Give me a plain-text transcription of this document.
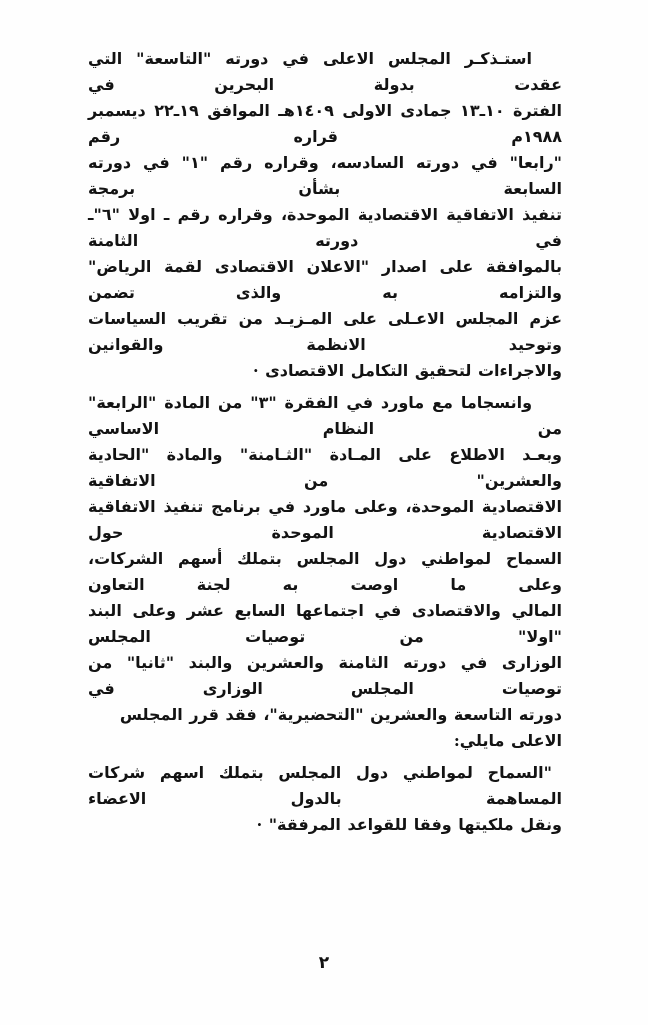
استـذكـر المجلس الاعلى في دورته "التاسعة" التي عقدت بدولة البحرين في
الفترة ١٠ـ١٣ جمادى الاولى ١٤٠٩هـ الموافق ١٩ـ٢٢ ديسمبر ١٩٨٨م قراره رقم
"رابعا" في دورته السادسه، وقراره رقم "١" في دورته السابعة بشأن برمجة
تنفيذ الاتفاقية الاقتصادية الموحدة، وقراره رقم ـ اولا "٦"ـ في دورته الثامنة
بالموافقة على اصدار "الاعلان الاقتصادى لقمة الرياض" والتزامه به والذى تضمن
عزم المجلس الاعـلى على المـزيـد من تقريب السياسات وتوحيد الانظمة والقوانين
والاجراءات لتحقيق التكامل الاقتصادى ·
وانسجاما مع ماورد في الفقرة "٣" من المادة "الرابعة" من النظام الاساسي
وبعـد الاطلاع على المـادة "الثـامنة" والمادة "الحادية والعشرين" من الاتفاقية
الاقتصادية الموحدة، وعلى ماورد في برنامج تنفيذ الاتفاقية الاقتصادية الموحدة حول
السماح لمواطني دول المجلس بتملك أسهم الشركات، وعلى ما اوصت به لجنة التعاون
المالي والاقتصادى في اجتماعها السابع عشر وعلى البند "اولا" من توصيات المجلس
الوزارى في دورته الثامنة والعشرين والبند "ثانيا" من توصيات المجلس الوزارى في
دورته التاسعة والعشرين "التحضيرية"، فقد قرر المجلس الاعلى مايلي:
"السماح لمواطني دول المجلس بتملك اسهم شركات المساهمة بالدول الاعضاء
ونقل ملكيتها وفقا للقواعد المرفقة" ·
٢
